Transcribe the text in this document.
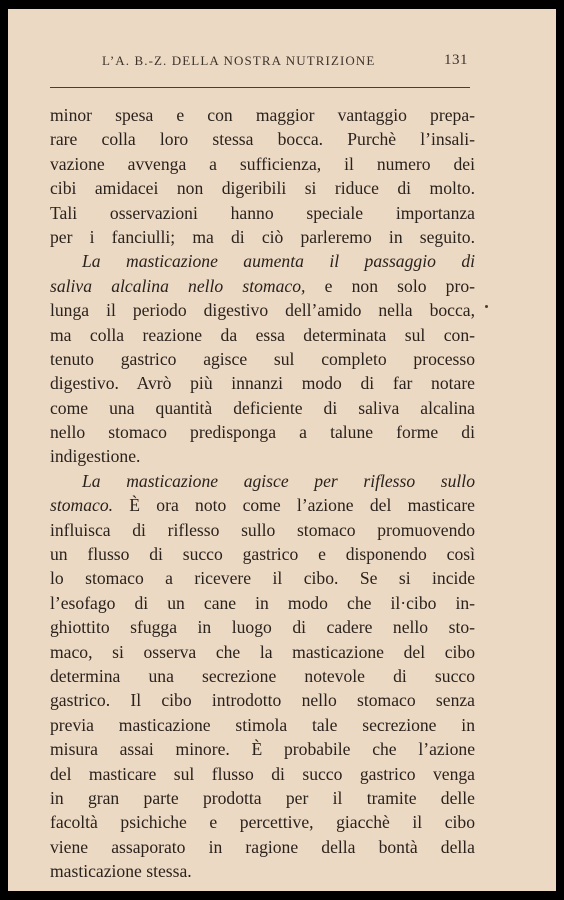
L’A. B.-Z. DELLA NOSTRA NUTRIZIONE	131
minor spesa e con maggior vantaggio prepa-
rare colla loro stessa bocca. Purchè l’insali-
vazione avvenga a sufficienza, il numero dei
cibi amidacei non digeribili si riduce di molto.
Tali osservazioni hanno speciale importanza
per i fanciulli; ma di ciò parleremo in seguito.
La masticazione aumenta il passaggio di
saliva alcalina nello stomaco, e non solo pro-
lunga il periodo digestivo dell’amido nella bocca,
ma colla reazione da essa determinata sul con-
tenuto gastrico agisce sul completo processo
digestivo. Avrò più innanzi modo di far notare
come una quantità deficiente di saliva alcalina
nello stomaco predisponga a talune forme di
indigestione.
La masticazione agisce per riflesso sullo
stomaco. È ora noto come l’azione del masticare
influisca di riflesso sullo stomaco promuovendo
un flusso di succo gastrico e disponendo così
lo stomaco a ricevere il cibo. Se si incide
l’esofago di un cane in modo che il·cibo in-
ghiottito sfugga in luogo di cadere nello sto-
maco, si osserva che la masticazione del cibo
determina una secrezione notevole di succo
gastrico. Il cibo introdotto nello stomaco senza
previa masticazione stimola tale secrezione in
misura assai minore. È probabile che l’azione
del masticare sul flusso di succo gastrico venga
in gran parte prodotta per il tramite delle
facoltà psichiche e percettive, giacchè il cibo
viene assaporato in ragione della bontà della
masticazione stessa.
